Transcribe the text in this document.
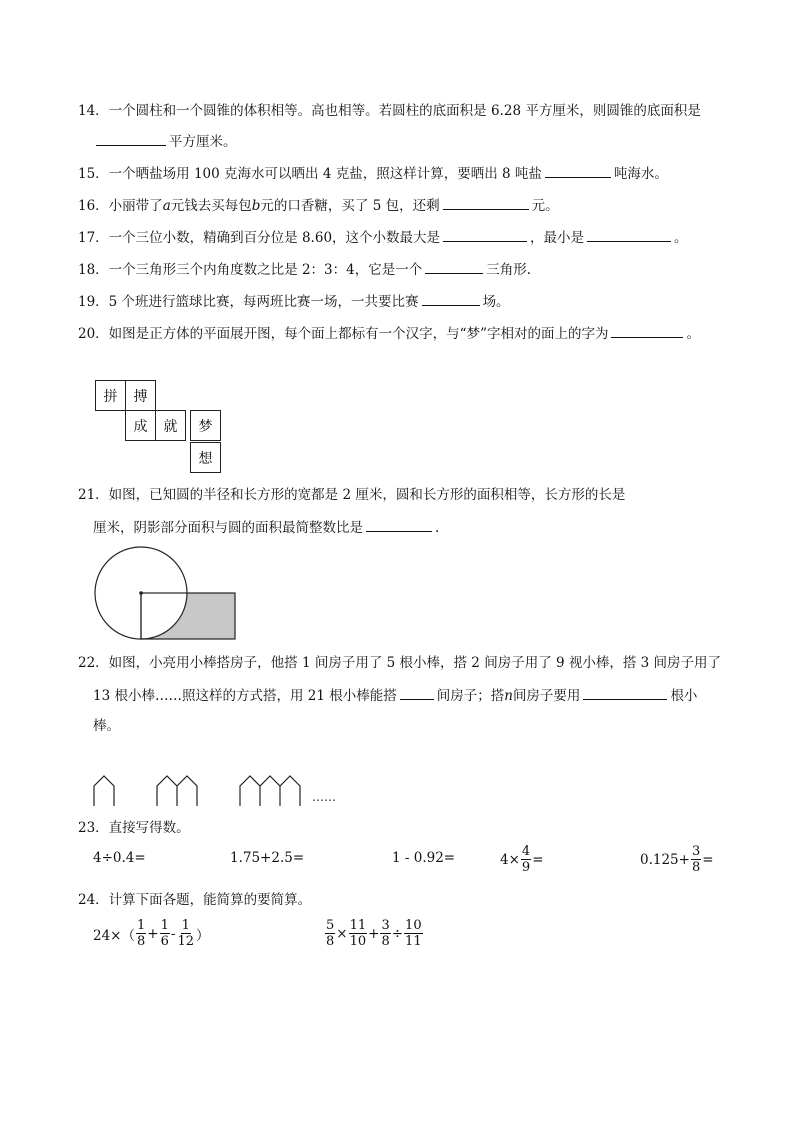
14．一个圆柱和一个圆锥的体积相等。高也相等。若圆柱的底面积是 6.28 平方厘米，则圆锥的底面积是
平方厘米。
15．一个晒盐场用 100 克海水可以晒出 4 克盐，照这样计算，要晒出 8 吨盐	吨海水。
16．小丽带了a元钱去买每包b元的口香糖，买了 5 包，还剩	元。
17．一个三位小数，精确到百分位是 8.60，这个小数最大是	，最小是	。
18．一个三角形三个内角度数之比是 2：3：4，它是一个	三角形.
19．5 个班进行篮球比赛，每两班比赛一场，一共要比赛	场。
20．如图是正方体的平面展开图，每个面上都标有一个汉字，与“梦”字相对的面上的字为	。
拼	搏
成	就	梦
想
21．如图，已知圆的半径和长方形的宽都是 2 厘米，圆和长方形的面积相等，长方形的长是
厘米，阴影部分面积与圆的面积最简整数比是	.
22．如图，小亮用小棒搭房子，他搭 1 间房子用了 5 根小棒，搭 2 间房子用了 9 视小棒，搭 3 间房子用了
13 根小棒……照这样的方式搭，用 21 根小棒能搭	间房子；搭n间房子要用	根小
棒。
……
23．直接写得数。
4÷0.4=	1.75+2.5=	1 - 0.92=	$4\times \frac{4}{9}$ =	$0.125+ \frac{3}{8}$ =
24．计算下面各题，能简算的要简算。
$24\times( \frac{1}{8} + \frac{1}{6} - \frac{1}{12}$ ）	$\frac{5}{8} \times \frac{11}{10} + \frac{3}{8} \div \frac{10}{11}$
